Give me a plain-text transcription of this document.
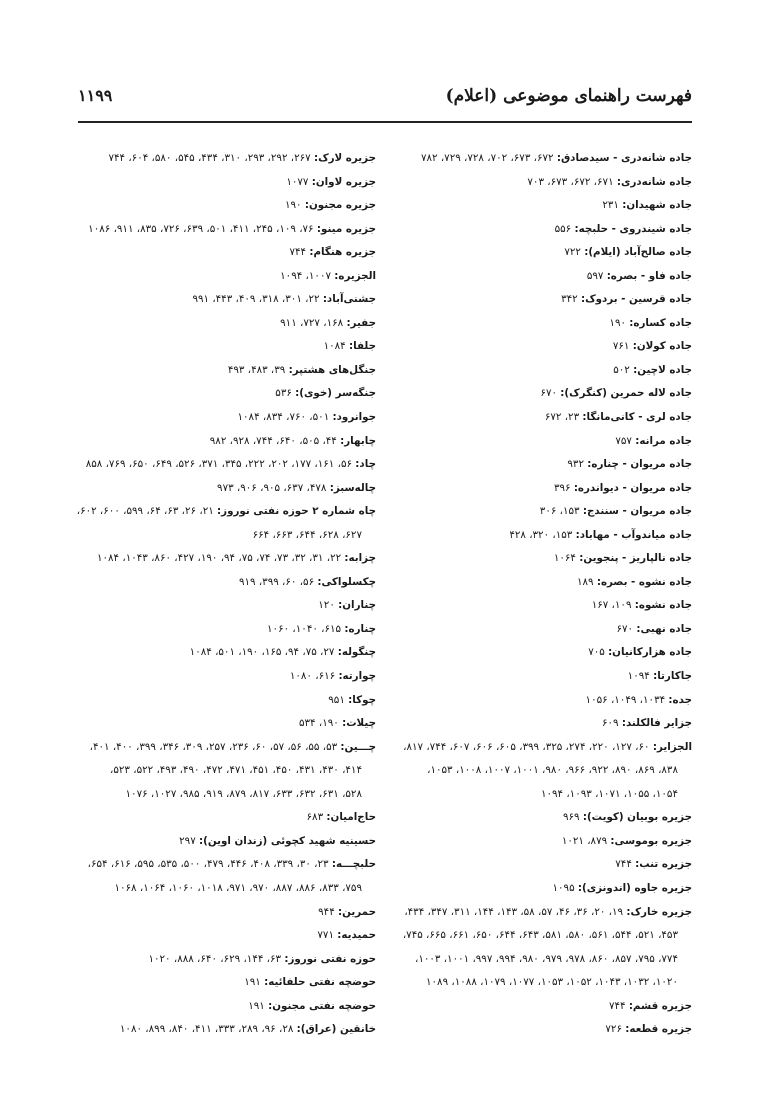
فهرست راهنمای موضوعی (اعلام)
۱۱۹۹
جاده شانه‌دری - سیدصادق: ۶۷۲، ۶۷۳، ۷۰۲، ۷۲۸، ۷۲۹، ۷۸۲
جاده شانه‌دری: ۶۷۱، ۶۷۲، ۶۷۳، ۷۰۳
جاده شهیدان: ۲۳۱
جاده شیندروی - حلبچه: ۵۵۶
جاده صالح‌آباد (ایلام): ۷۲۲
جاده فاو - بصره: ۵۹۷
جاده قرسین - بردوک: ۳۴۲
جاده کساره: ۱۹۰
جاده کولان: ۷۶۱
جاده لاچین: ۵۰۲
جاده لاله حمرین (کنگرک): ۶۷۰
جاده لری - کانی‌مانگا: ۲۳، ۶۷۲
جاده مرانه: ۷۵۷
جاده مریوان - چناره: ۹۳۲
جاده مریوان - دیواندره: ۳۹۶
جاده مریوان - سنندج: ۱۵۳، ۳۰۶
جاده میاندوآب - مهاباد: ۱۵۳، ۳۲۰، ۴۲۸
جاده نالپاریز - پنجوین: ۱۰۶۴
جاده نشوه - بصره: ۱۸۹
جاده نشوه: ۱۰۹، ۱۶۷
جاده نهبی: ۶۷۰
جاده هزارکانیان: ۷۰۵
جاکارتا: ۱۰۹۴
جده: ۱۰۳۴، ۱۰۴۹، ۱۰۵۶
جزایر فالکلند: ۶۰۹
الجزایر: ۶۰، ۱۲۷، ۲۲۰، ۲۷۴، ۳۲۵، ۳۹۹، ۶۰۵، ۶۰۶، ۶۰۷، ۷۴۴، ۸۱۷،
۸۳۸، ۸۶۹، ۸۹۰، ۹۲۲، ۹۶۶، ۹۸۰، ۱۰۰۱، ۱۰۰۷، ۱۰۰۸، ۱۰۵۳،
۱۰۵۴، ۱۰۵۵، ۱۰۷۱، ۱۰۹۳، ۱۰۹۴
جزیره بوبیان (کویت): ۹۶۹
جزیره بوموسی: ۸۷۹، ۱۰۲۱
جزیره تنب: ۷۴۴
جزیره جاوه (اندونزی): ۱۰۹۵
جزیره خارک: ۱۹، ۲۰، ۳۶، ۴۶، ۵۷، ۵۸، ۱۴۳، ۱۴۴، ۳۱۱، ۳۴۷، ۴۳۴،
۴۵۳، ۵۲۱، ۵۴۴، ۵۶۱، ۵۸۰، ۵۸۱، ۶۴۳، ۶۴۴، ۶۵۰، ۶۶۱، ۶۶۵، ۷۴۵،
۷۷۴، ۷۹۵، ۸۵۷، ۸۶۰، ۹۷۸، ۹۷۹، ۹۸۰، ۹۹۴، ۹۹۷، ۱۰۰۱، ۱۰۰۳،
۱۰۲۰، ۱۰۳۲، ۱۰۴۳، ۱۰۵۲، ۱۰۵۳، ۱۰۷۷، ۱۰۷۹، ۱۰۸۸، ۱۰۸۹
جزیره قشم: ۷۴۴
جزیره قطعه: ۷۲۶
جزیره لارک: ۲۶۷، ۲۹۲، ۲۹۳، ۳۱۰، ۴۳۴، ۵۴۵، ۵۸۰، ۶۰۴، ۷۴۴
جزیره لاوان: ۱۰۷۷
جزیره مجنون: ۱۹۰
جزیره مینو: ۷۶، ۱۰۹، ۲۴۵، ۴۱۱، ۵۰۱، ۶۳۹، ۷۲۶، ۸۳۵، ۹۱۱، ۱۰۸۶
جزیره هنگام: ۷۴۴
الجزیره: ۱۰۰۷، ۱۰۹۴
جشنی‌آباد: ۲۲، ۳۰۱، ۳۱۸، ۴۰۹، ۴۴۳، ۹۹۱
جفیر: ۱۶۸، ۷۲۷، ۹۱۱
جلفا: ۱۰۸۴
جنگل‌های هشتپر: ۳۹، ۴۸۳، ۴۹۳
جنگه‌سر (خوی): ۵۳۶
جوانرود: ۵۰۱، ۷۶۰، ۸۳۴، ۱۰۸۴
چابهار: ۴۴، ۵۰۵، ۶۴۰، ۷۴۴، ۹۲۸، ۹۸۲
چاد: ۵۶، ۱۶۱، ۱۷۷، ۲۰۲، ۲۲۲، ۳۴۵، ۳۷۱، ۵۲۶، ۶۴۹، ۶۵۰، ۷۶۹، ۸۵۸
چاله‌سبز: ۴۷۸، ۶۳۷، ۹۰۵، ۹۰۶، ۹۷۳
چاه شماره ۲ حوزه نفتی نوروز: ۲۱، ۲۶، ۶۳، ۶۴، ۵۹۹، ۶۰۰، ۶۰۲،
۶۲۷، ۶۲۸، ۶۴۴، ۶۶۳، ۶۶۴
چزابه: ۲۲، ۳۱، ۳۲، ۷۳، ۷۴، ۷۵، ۹۴، ۱۹۰، ۴۲۷، ۸۶۰، ۱۰۴۳، ۱۰۸۴
چکسلواکی: ۵۶، ۶۰، ۳۹۹، ۹۱۹
چناران: ۱۲۰
چناره: ۶۱۵، ۱۰۴۰، ۱۰۶۰
چنگوله: ۲۷، ۷۵، ۹۴، ۱۶۵، ۱۹۰، ۵۰۱، ۱۰۸۴
چوارته: ۶۱۶، ۱۰۸۰
چوکا: ۹۵۱
چیلات: ۱۹۰، ۵۳۴
چـــین: ۵۳، ۵۵، ۵۶، ۵۷، ۶۰، ۲۳۶، ۲۵۷، ۳۰۹، ۳۴۶، ۳۹۹، ۴۰۰، ۴۰۱،
۴۱۴، ۴۳۰، ۴۳۱، ۴۵۰، ۴۵۱، ۴۷۱، ۴۷۲، ۴۹۰، ۴۹۳، ۵۲۲، ۵۲۳،
۵۲۸، ۶۳۱، ۶۳۲، ۶۳۳، ۸۱۷، ۸۷۹، ۹۱۹، ۹۸۵، ۱۰۲۷، ۱۰۷۶
حاج‌امیان: ۶۸۳
حسینیه شهید کچوئی (زندان اوین): ۲۹۷
حلبچـــه: ۲۳، ۳۰، ۳۳۹، ۴۰۸، ۴۴۶، ۴۷۹، ۵۰۰، ۵۳۵، ۵۹۵، ۶۱۶، ۶۵۴،
۷۵۹، ۸۳۳، ۸۸۶، ۸۸۷، ۹۷۰، ۹۷۱، ۱۰۱۸، ۱۰۶۰، ۱۰۶۴، ۱۰۶۸
حمرین: ۹۴۴
حمیدیه: ۷۷۱
حوزه نفتی نوروز: ۶۳، ۱۴۴، ۶۲۹، ۶۴۰، ۸۸۸، ۱۰۲۰
حوضچه نفتی حلفائیه: ۱۹۱
حوضچه نفتی مجنون: ۱۹۱
خانقین (عراق): ۲۸، ۹۶، ۲۸۹، ۳۳۳، ۴۱۱، ۸۴۰، ۸۹۹، ۱۰۸۰
